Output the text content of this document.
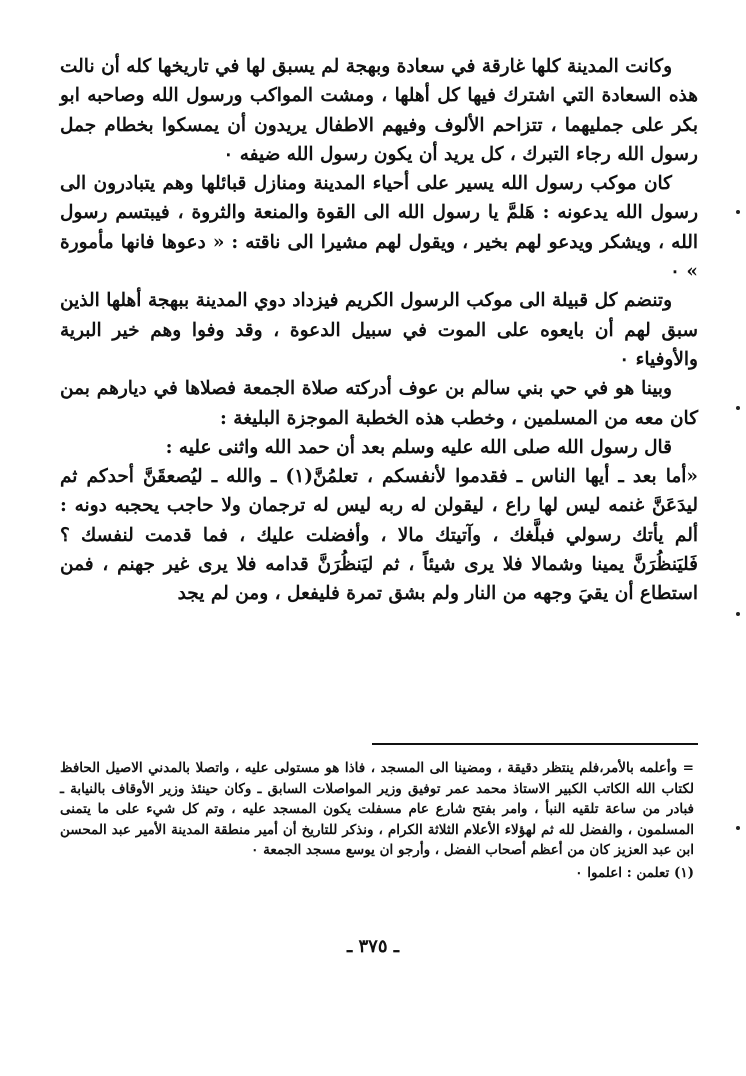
وكانت المدينة كلها غارقة في سعادة وبهجة لم يسبق لها في تاريخها كله أن نالت هذه السعادة التي اشترك فيها كل أهلها ، ومشت المواكب ورسول الله وصاحبه ابو بكر على جمليهما ، تتزاحم الألوف وفيهم الاطفال يريدون أن يمسكوا بخطام جمل رسول الله رجاء التبرك ، كل يريد أن يكون رسول الله ضيفه ٠

كان موكب رسول الله يسير على أحياء المدينة ومنازل قبائلها وهم يتبادرون الى رسول الله يدعونه : هَلمَّ يا رسول الله الى القوة والمنعة والثروة ، فيبتسم رسول الله ، ويشكر ويدعو لهم بخير ، ويقول لهم مشيرا الى ناقته : « دعوها فانها مأمورة » ٠

وتنضم كل قبيلة الى موكب الرسول الكريم فيزداد دوي المدينة ببهجة أهلها الذين سبق لهم أن بايعوه على الموت في سبيل الدعوة ، وقد وفوا وهم خير البرية والأوفياء ٠

وبينا هو في حي بني سالم بن عوف أدركته صلاة الجمعة فصلاها في ديارهم بمن كان معه من المسلمين ، وخطب هذه الخطبة الموجزة البليغة :

قال رسول الله صلى الله عليه وسلم بعد أن حمد الله واثنى عليه :

«أما بعد ـ أيها الناس ـ فقدموا لأنفسكم ، تعلمُنَّ(١) ـ والله ـ ليُصعقَنَّ أحدكم ثم ليدَعَنَّ غنمه ليس لها راع ، ليقولن له ربه ليس له ترجمان ولا حاجب يحجبه دونه : ألم يأتك رسولي فبلَّغك ، وآتيتك مالا ، وأفضلت عليك ، فما قدمت لنفسك ؟ فَليَنظُرَنَّ يمينا وشمالا فلا يرى شيئاً ، ثم ليَنظُرَنَّ قدامه فلا يرى غير جهنم ، فمن استطاع أن يقيَ وجهه من النار ولم بشق تمرة فليفعل ، ومن لم يجد

= وأعلمه بالأمر،فلم ينتظر دقيقة ، ومضينا الى المسجد ، فاذا هو مستولى عليه ، واتصلا بالمدني الاصيل الحافظ لكتاب الله الكاتب الكبير الاستاذ محمد عمر توفيق وزير المواصلات السابق ـ وكان حينئذ وزير الأوقاف بالنيابة ـ فبادر من ساعة تلقيه النبأ ، وامر بفتح شارع عام مسفلت يكون المسجد عليه ، وتم كل شيء على ما يتمنى المسلمون ، والفضل لله ثم لهؤلاء الأعلام الثلاثة الكرام ، ونذكر للتاريخ أن أمير منطقة المدينة الأمير عبد المحسن ابن عبد العزيز كان من أعظم أصحاب الفضل ، وأرجو ان يوسع مسجد الجمعة ٠

(١) تعلمن : اعلموا ٠

ـ ٣٧٥ ـ
